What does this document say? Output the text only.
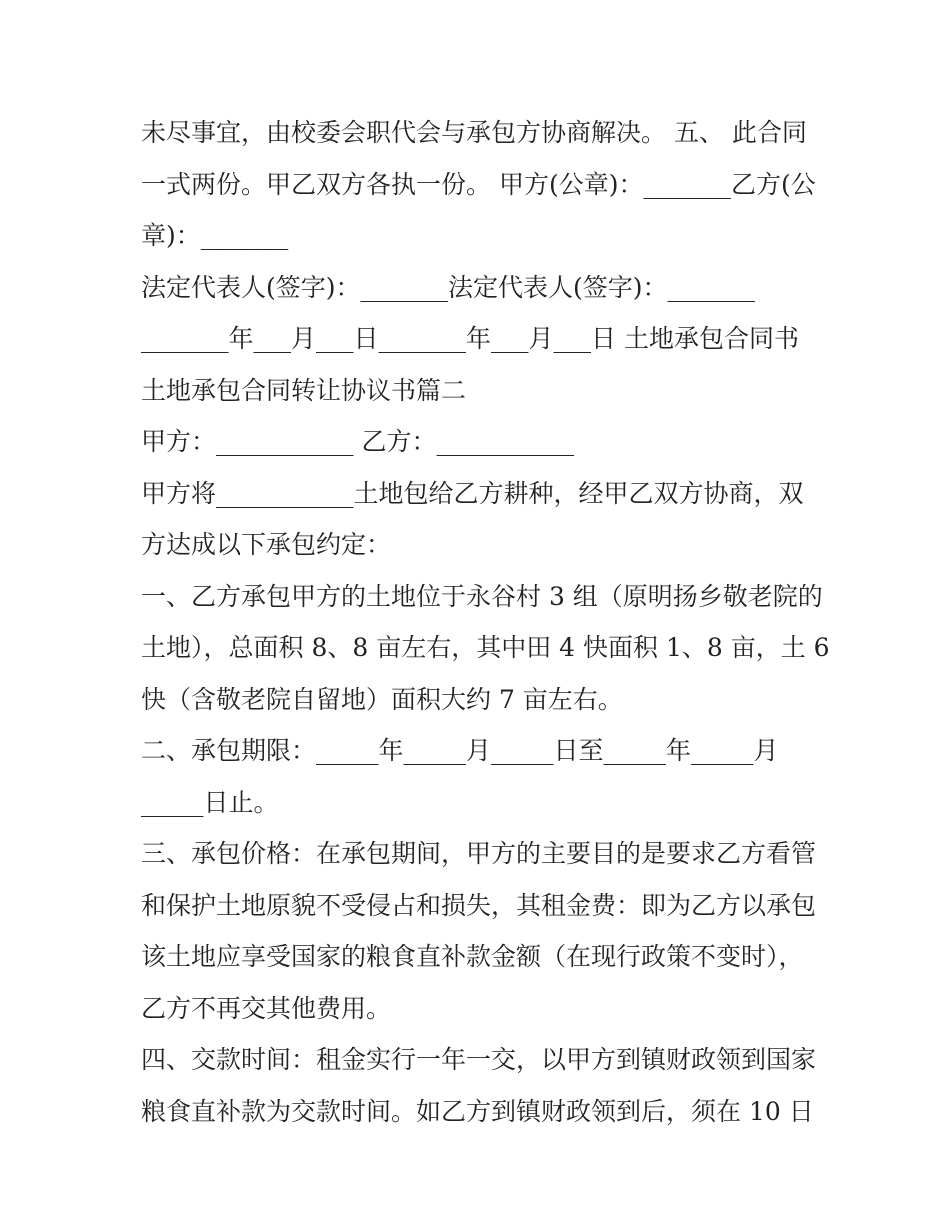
未尽事宜，由校委会职代会与承包方协商解决。 五、 此合同
一式两份。甲乙双方各执一份。 甲方(公章)：_______乙方(公
章)：_______
法定代表人(签字)：_______法定代表人(签字)：_______
_______年___月___日_______年___月___日 土地承包合同书
土地承包合同转让协议书篇二
甲方：___________ 乙方：___________
甲方将___________土地包给乙方耕种，经甲乙双方协商，双
方达成以下承包约定：
一、乙方承包甲方的土地位于永谷村 3 组（原明扬乡敬老院的
土地），总面积 8、8 亩左右，其中田 4 快面积 1、8 亩，土 6
快（含敬老院自留地）面积大约 7 亩左右。
二、承包期限：_____年_____月_____日至_____年_____月
_____日止。
三、承包价格：在承包期间，甲方的主要目的是要求乙方看管
和保护土地原貌不受侵占和损失，其租金费：即为乙方以承包
该土地应享受国家的粮食直补款金额（在现行政策不变时），
乙方不再交其他费用。
四、交款时间：租金实行一年一交，以甲方到镇财政领到国家
粮食直补款为交款时间。如乙方到镇财政领到后，须在 10 日
